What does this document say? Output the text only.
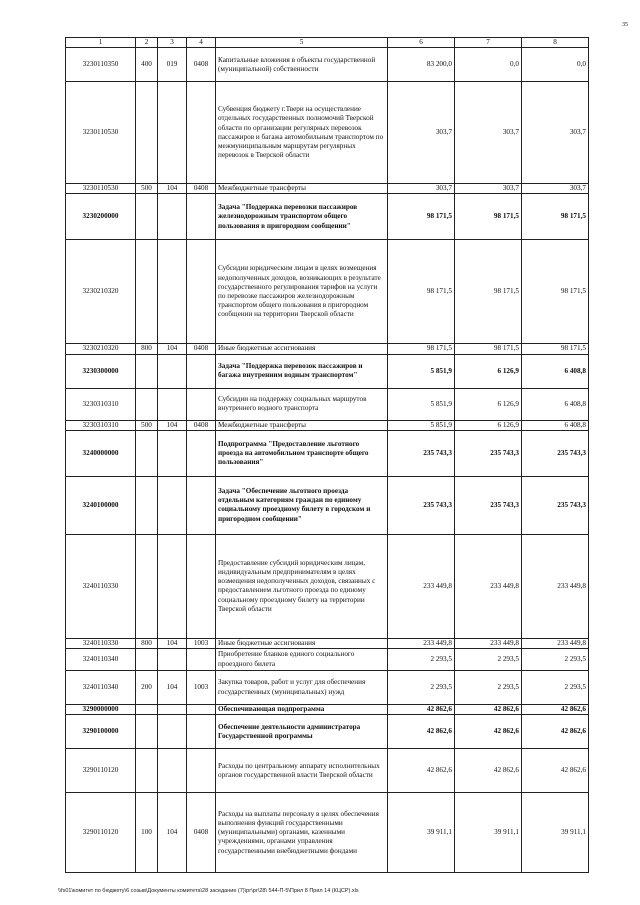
35
1	2	3	4	5	6	7	8
3230110350	400	019	0408	Капитальные вложения в объекты государственной (муниципальной) собственности	83 200,0	0,0	0,0
3230110530				Субвенция бюджету г.Твери на осуществление отдельных государственных полномочий Тверской области по организации регулярных перевозок пассажиров и багажа автомобильным транспортом по межмуниципальным маршрутам регулярных перевозок в Тверской области	303,7	303,7	303,7
3230110530	500	104	0408	Межбюджетные трансферты	303,7	303,7	303,7
3230200000				Задача "Поддержка перевозки пассажиров железнодорожным транспортом общего пользования в пригородном сообщении"	98 171,5	98 171,5	98 171,5
3230210320				Субсидии юридическим лицам в целях возмещения недополученных доходов, возникающих в результате государственного регулирования тарифов на услуги по перевозке пассажиров железнодорожным транспортом общего пользования в пригородном сообщении на территории Тверской области	98 171,5	98 171,5	98 171,5
3230210320	800	104	0408	Иные бюджетные ассигнования	98 171,5	98 171,5	98 171,5
3230300000				Задача "Поддержка перевозок пассажиров и багажа внутренним водным транспортом"	5 851,9	6 126,9	6 408,8
3230310310				Субсидии на поддержку социальных маршрутов внутреннего водного транспорта	5 851,9	6 126,9	6 408,8
3230310310	500	104	0408	Межбюджетные трансферты	5 851,9	6 126,9	6 408,8
3240000000				Подпрограмма "Предоставление льготного проезда на автомобильном транспорте общего пользования"	235 743,3	235 743,3	235 743,3
3240100000				Задача "Обеспечение льготного проезда отдельным категориям граждан по единому социальному проездному билету в городском и пригородном сообщении"	235 743,3	235 743,3	235 743,3
3240110330				Предоставление субсидий юридическим лицам, индивидуальным предпринимателям в целях возмещения недополученных доходов, связанных с предоставлением льготного проезда по единому социальному проездному билету на территории Тверской области	233 449,8	233 449,8	233 449,8
3240110330	800	104	1003	Иные бюджетные ассигнования	233 449,8	233 449,8	233 449,8
3240110340				Приобретение бланков единого социального проездного билета	2 293,5	2 293,5	2 293,5
3240110340	200	104	1003	Закупка товаров, работ и услуг для обеспечения государственных (муниципальных) нужд	2 293,5	2 293,5	2 293,5
3290000000				Обеспечивающая подпрограмма	42 862,6	42 862,6	42 862,6
3290100000				Обеспечение деятельности администратора Государственной программы	42 862,6	42 862,6	42 862,6
3290110120				Расходы по центральному аппарату исполнительных органов государственной власти Тверской области	42 862,6	42 862,6	42 862,6
3290110120	100	104	0408	Расходы на выплаты персоналу в целях обеспечения выполнения функций государственными (муниципальными) органами, казенными учреждениями, органами управления государственными внебюджетными фондами	39 911,1	39 911,1	39 911,1
\\fs01\комитет по бюджету\6 созыв\Документы комитета\28 заседание (7)\рг\рг\28\ 544-П-5\Прил 8 Прил 14 (КЦСР).xls
